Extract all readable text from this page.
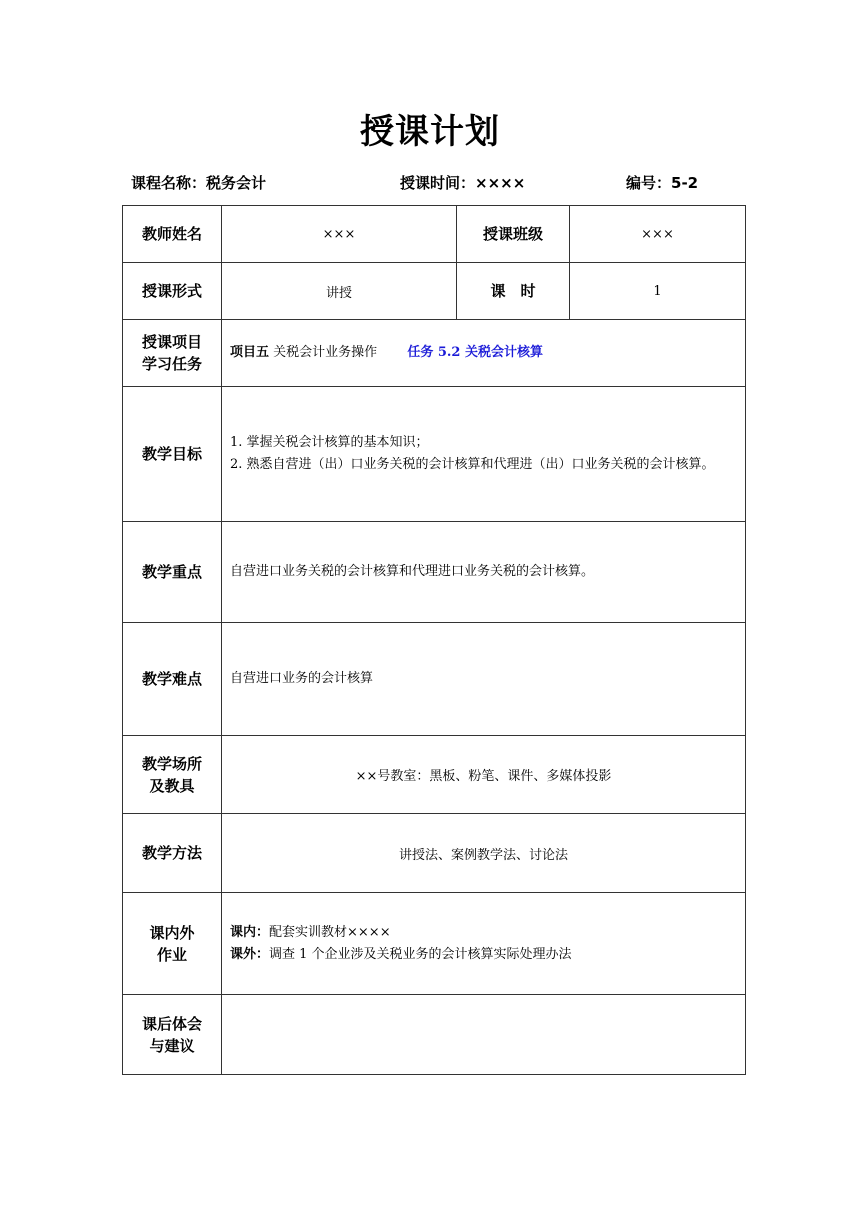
授课计划
课程名称：税务会计	授课时间：××××	编号：5-2
教师姓名	×××	授课班级	×××
授课形式	讲授	课　时	1

授课项目
学习任务	项目五 关税会计业务操作 任务 5.2 关税会计核算		
教学目标	1. 掌握关税会计核算的基本知识；
2. 熟悉自营进（出）口业务关税的会计核算和代理进（出）口业务关税的会计核算。		

教学重点	自营进口业务关税的会计核算和代理进口业务关税的会计核算。		
教学难点	自营进口业务的会计核算		

教学场所
及教具	××号教室：黑板、粉笔、课件、多媒体投影		
教学方法	讲授法、案例教学法、讨论法		

课内外
作业	课内：配套实训教材××××
课外：调查 1 个企业涉及关税业务的会计核算实际处理办法		

课后体会
与建议			
